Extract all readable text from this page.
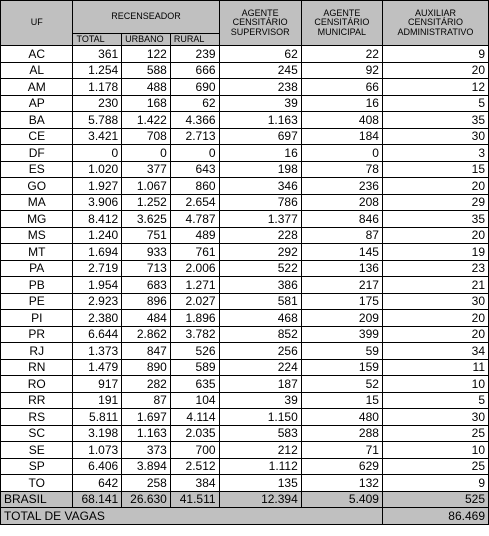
UF	RECENSEADOR			AGENTE
CENSITÁRIO
SUPERVISOR	AGENTE
CENSITÁRIO
MUNICIPAL	AUXILIAR
CENSITÁRIO
ADMINISTRATIVO

	TOTAL	URBANO	RURAL			
AC	361	122	239	62	22	9
AL	1.254	588	666	245	92	20
AM	1.178	488	690	238	66	12
AP	230	168	62	39	16	5
BA	5.788	1.422	4.366	1.163	408	35
CE	3.421	708	2.713	697	184	30
DF	0	0	0	16	0	3
ES	1.020	377	643	198	78	15
GO	1.927	1.067	860	346	236	20
MA	3.906	1.252	2.654	786	208	29
MG	8.412	3.625	4.787	1.377	846	35
MS	1.240	751	489	228	87	20
MT	1.694	933	761	292	145	19
PA	2.719	713	2.006	522	136	23
PB	1.954	683	1.271	386	217	21
PE	2.923	896	2.027	581	175	30
PI	2.380	484	1.896	468	209	20
PR	6.644	2.862	3.782	852	399	20
RJ	1.373	847	526	256	59	34
RN	1.479	890	589	224	159	11
RO	917	282	635	187	52	10
RR	191	87	104	39	15	5
RS	5.811	1.697	4.114	1.150	480	30
SC	3.198	1.163	2.035	583	288	25
SE	1.073	373	700	212	71	10
SP	6.406	3.894	2.512	1.112	629	25
TO	642	258	384	135	132	9
BRASIL	68.141	26.630	41.511	12.394	5.409	525
TOTAL DE VAGAS						86.469
